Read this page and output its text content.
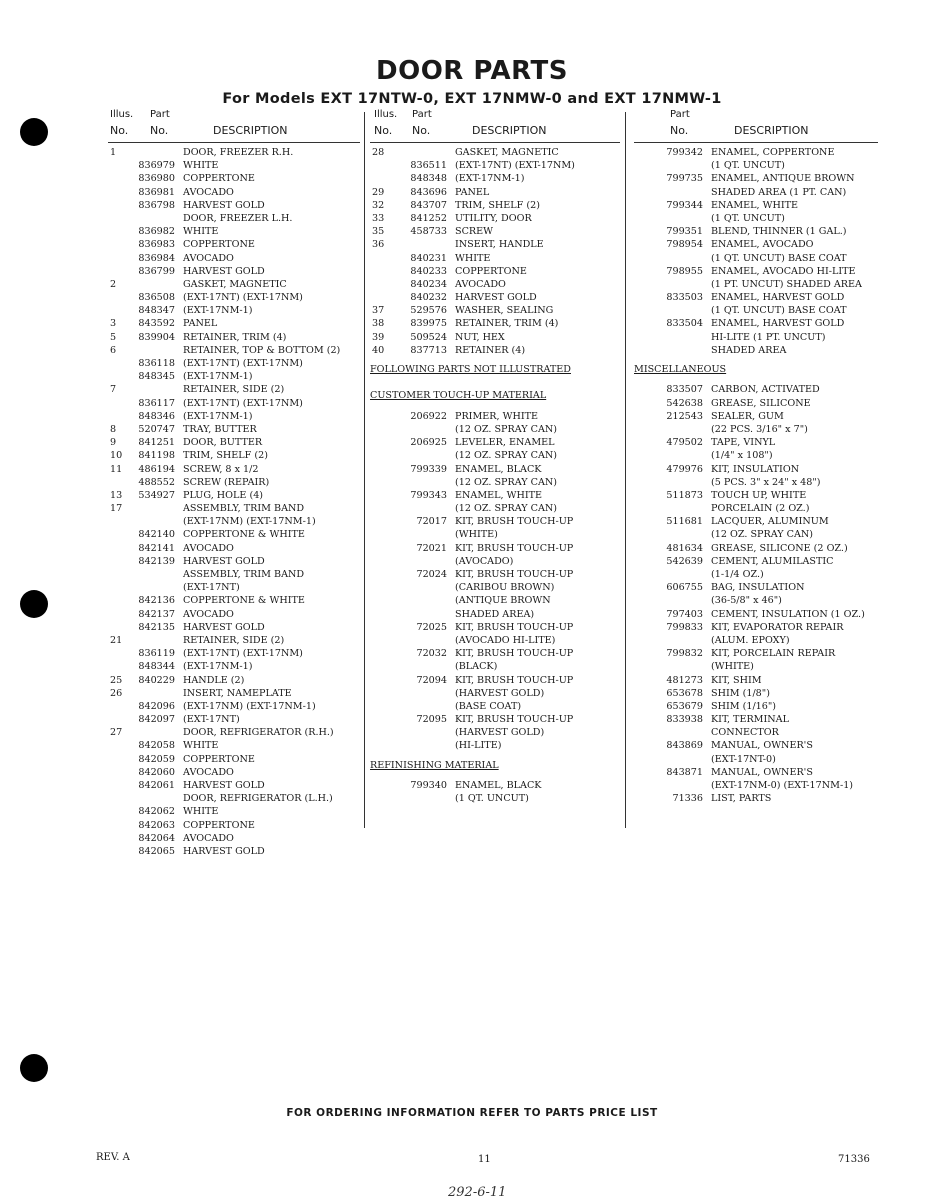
DOOR PARTS
For Models EXT 17NTW-0, EXT 17NMW-0 and EXT 17NMW-1
Illus. Part
No. No.	DESCRIPTION
1	DOOR, FREEZER R.H.
836979 WHITE
836980 COPPERTONE
836981 AVOCADO
836798 HARVEST GOLD
DOOR, FREEZER L.H.
836982 WHITE
836983 COPPERTONE
836984 AVOCADO
836799 HARVEST GOLD
2	GASKET, MAGNETIC
836508 (EXT-17NT) (EXT-17NM)
848347 (EXT-17NM-1)
3	843592 PANEL
5	839904 RETAINER, TRIM (4)
6	RETAINER, TOP & BOTTOM (2)
836118 (EXT-17NT) (EXT-17NM)
848345 (EXT-17NM-1)
7	RETAINER, SIDE (2)
836117 (EXT-17NT) (EXT-17NM)
848346 (EXT-17NM-1)
8	520747 TRAY, BUTTER
9	841251 DOOR, BUTTER
10	841198 TRIM, SHELF (2)
11	486194 SCREW, 8 x 1/2
488552 SCREW (REPAIR)
13	534927 PLUG, HOLE (4)
17	ASSEMBLY, TRIM BAND
(EXT-17NM) (EXT-17NM-1)
842140 COPPERTONE & WHITE
842141 AVOCADO
842139 HARVEST GOLD
ASSEMBLY, TRIM BAND
(EXT-17NT)
842136 COPPERTONE & WHITE
842137 AVOCADO
842135 HARVEST GOLD
21	RETAINER, SIDE (2)
836119 (EXT-17NT) (EXT-17NM)
848344 (EXT-17NM-1)
25	840229 HANDLE (2)
26	INSERT, NAMEPLATE
842096 (EXT-17NM) (EXT-17NM-1)
842097 (EXT-17NT)
27	DOOR, REFRIGERATOR (R.H.)
842058 WHITE
842059 COPPERTONE
842060 AVOCADO
842061 HARVEST GOLD
DOOR, REFRIGERATOR (L.H.)
842062 WHITE
842063 COPPERTONE
842064 AVOCADO
842065 HARVEST GOLD
Illus. Part
No. No.	DESCRIPTION
28	GASKET, MAGNETIC
836511 (EXT-17NT) (EXT-17NM)
848348 (EXT-17NM-1)
29	843696 PANEL
32	843707 TRIM, SHELF (2)
33	841252 UTILITY, DOOR
35	458733 SCREW
36	INSERT, HANDLE
840231 WHITE
840233 COPPERTONE
840234 AVOCADO
840232 HARVEST GOLD
37	529576 WASHER, SEALING
38	839975 RETAINER, TRIM (4)
39	509524 NUT, HEX
40	837713 RETAINER (4)
FOLLOWING PARTS NOT ILLUSTRATED
CUSTOMER TOUCH-UP MATERIAL
206922 PRIMER, WHITE
(12 OZ. SPRAY CAN)
206925 LEVELER, ENAMEL
(12 OZ. SPRAY CAN)
799339 ENAMEL, BLACK
(12 OZ. SPRAY CAN)
799343 ENAMEL, WHITE
(12 OZ. SPRAY CAN)
72017 KIT, BRUSH TOUCH-UP
(WHITE)
72021 KIT, BRUSH TOUCH-UP
(AVOCADO)
72024 KIT, BRUSH TOUCH-UP
(CARIBOU BROWN)
(ANTIQUE BROWN
SHADED AREA)
72025 KIT, BRUSH TOUCH-UP
(AVOCADO HI-LITE)
72032 KIT, BRUSH TOUCH-UP
(BLACK)
72094 KIT, BRUSH TOUCH-UP
(HARVEST GOLD)
(BASE COAT)
72095 KIT, BRUSH TOUCH-UP
(HARVEST GOLD)
(HI-LITE)
REFINISHING MATERIAL
799340 ENAMEL, BLACK
(1 QT. UNCUT)
Part
No.	DESCRIPTION
799342 ENAMEL, COPPERTONE
(1 QT. UNCUT)
799735 ENAMEL, ANTIQUE BROWN
SHADED AREA (1 PT. CAN)
799344 ENAMEL, WHITE
(1 QT. UNCUT)
799351 BLEND, THINNER (1 GAL.)
798954 ENAMEL, AVOCADO
(1 QT. UNCUT) BASE COAT
798955 ENAMEL, AVOCADO HI-LITE
(1 PT. UNCUT) SHADED AREA
833503 ENAMEL, HARVEST GOLD
(1 QT. UNCUT) BASE COAT
833504 ENAMEL, HARVEST GOLD
HI-LITE (1 PT. UNCUT)
SHADED AREA
MISCELLANEOUS
833507 CARBON, ACTIVATED
542638 GREASE, SILICONE
212543 SEALER, GUM
(22 PCS. 3/16" x 7")
479502 TAPE, VINYL
(1/4" x 108")
479976 KIT, INSULATION
(5 PCS. 3" x 24" x 48")
511873 TOUCH UP, WHITE
PORCELAIN (2 OZ.)
511681 LACQUER, ALUMINUM
(12 OZ. SPRAY CAN)
481634 GREASE, SILICONE (2 OZ.)
542639 CEMENT, ALUMILASTIC
(1-1/4 OZ.)
606755 BAG, INSULATION
(36-5/8" x 46")
797403 CEMENT, INSULATION (1 OZ.)
799833 KIT, EVAPORATOR REPAIR
(ALUM. EPOXY)
799832 KIT, PORCELAIN REPAIR
(WHITE)
481273 KIT, SHIM
653678 SHIM (1/8")
653679 SHIM (1/16")
833938 KIT, TERMINAL
CONNECTOR
843869 MANUAL, OWNER'S
(EXT-17NT-0)
843871 MANUAL, OWNER'S
(EXT-17NM-0) (EXT-17NM-1)
71336 LIST, PARTS
FOR ORDERING INFORMATION REFER TO PARTS PRICE LIST
REV. A	11	71336
292-6-11
